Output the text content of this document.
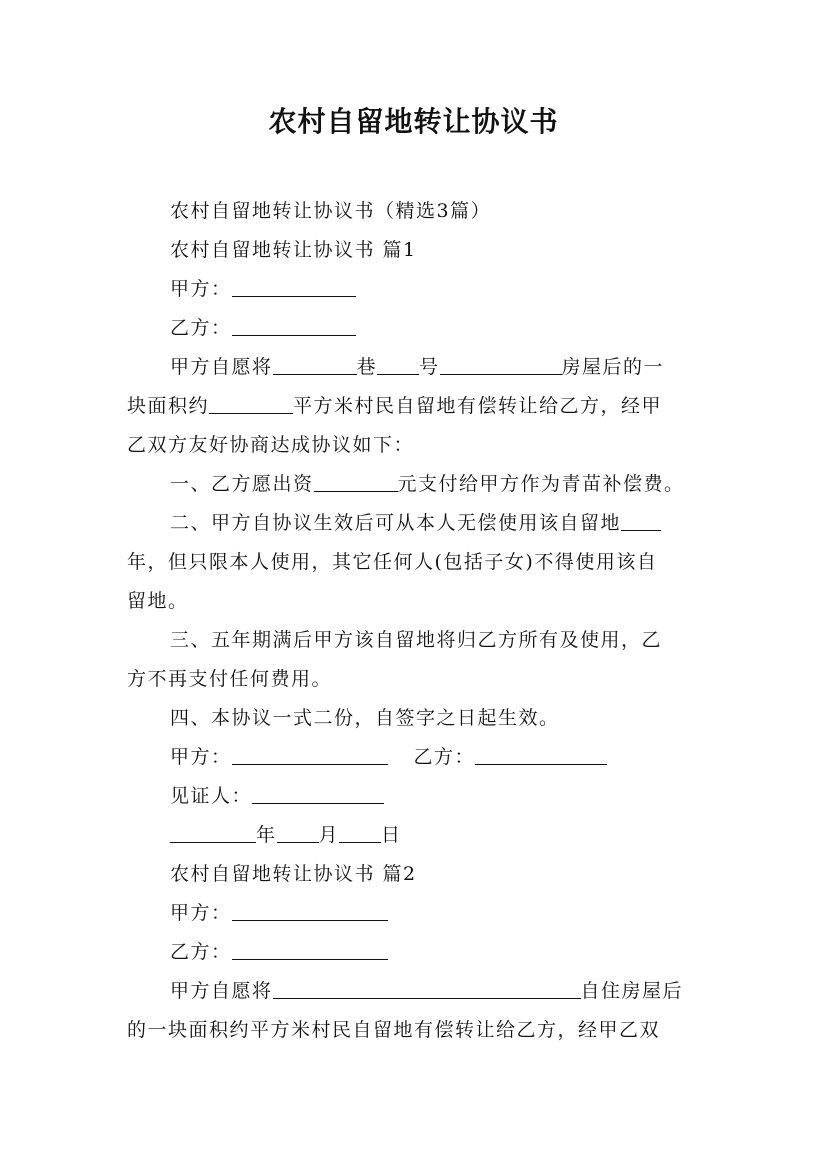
农村自留地转让协议书

农村自留地转让协议书（精选3篇）

农村自留地转让协议书 篇1

甲方：

乙方：

甲方自愿将	巷 号	房屋后的一

块面积约	平方米村民自留地有偿转让给乙方，经甲

乙双方友好协商达成协议如下：

一、乙方愿出资	元支付给甲方作为青苗补偿费。

二、甲方自协议生效后可从本人无偿使用该自留地

年，但只限本人使用，其它任何人(包括子女)不得使用该自

留地。

三、五年期满后甲方该自留地将归乙方所有及使用，乙

方不再支付任何费用。

四、本协议一式二份，自签字之日起生效。

甲方：	乙方：

见证人：

年 月 日

农村自留地转让协议书 篇2

甲方：

乙方：

甲方自愿将	自住房屋后

的一块面积约平方米村民自留地有偿转让给乙方，经甲乙双
